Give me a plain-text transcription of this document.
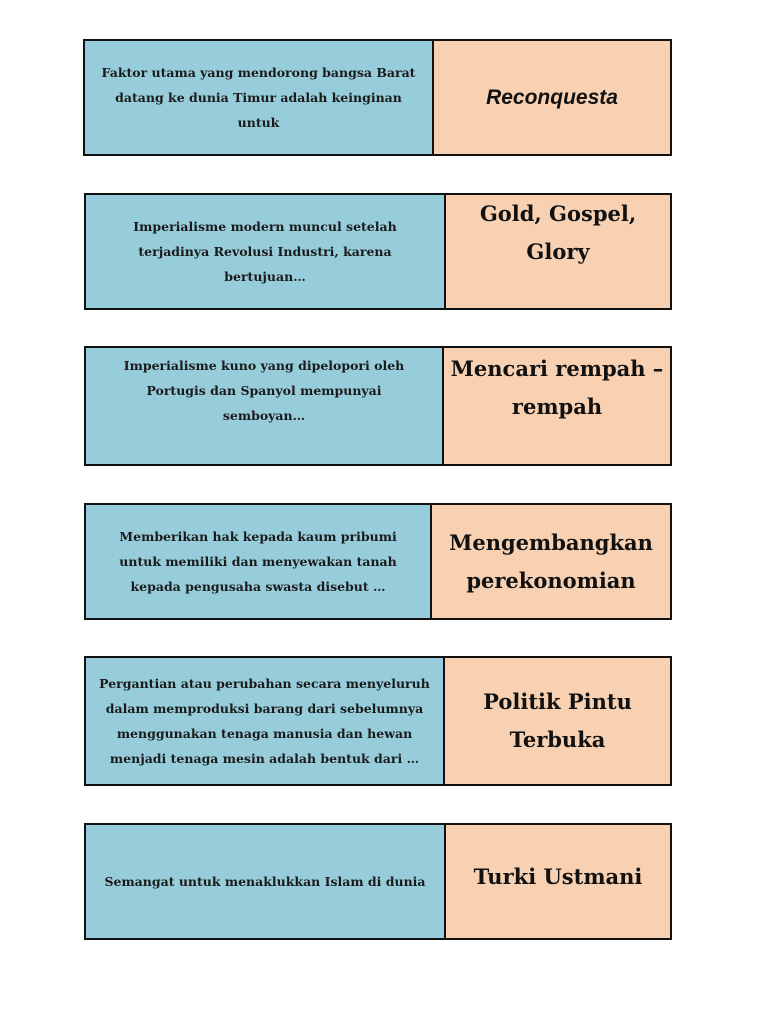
Faktor utama yang mendorong bangsa Barat datang ke dunia Timur adalah keinginan untuk
Reconquesta
Imperialisme modern muncul setelah terjadinya Revolusi Industri, karena bertujuan…
Gold, Gospel, Glory
Imperialisme kuno yang dipelopori oleh Portugis dan Spanyol mempunyai semboyan…
Mencari rempah – rempah
Memberikan hak kepada kaum pribumi untuk memiliki dan menyewakan tanah kepada pengusaha swasta disebut …
Mengembangkan perekonomian
Pergantian atau perubahan secara menyeluruh dalam memproduksi barang dari sebelumnya menggunakan tenaga manusia dan hewan menjadi tenaga mesin adalah bentuk dari …
Politik Pintu Terbuka
Semangat untuk menaklukkan Islam di dunia Turki Ustmani
